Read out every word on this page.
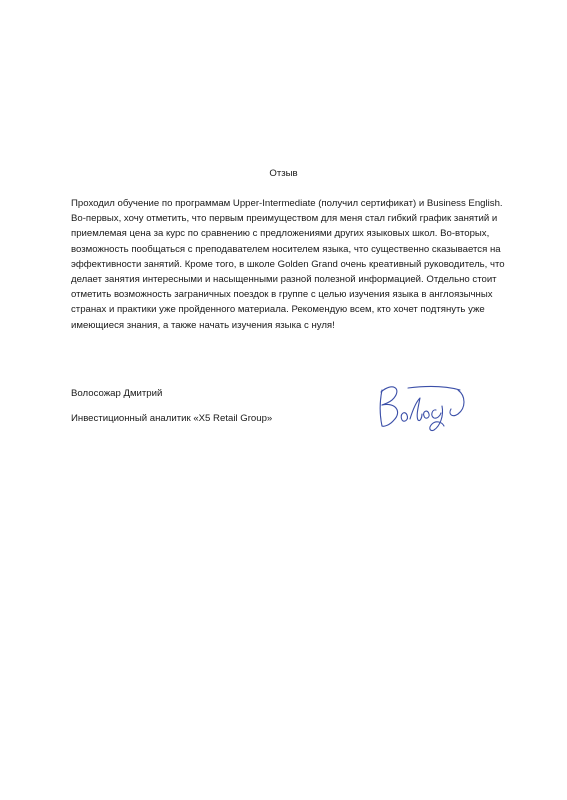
Отзыв
Проходил обучение по программам Upper-Intermediate (получил сертификат) и Business English.
Во-первых, хочу отметить, что первым преимуществом для меня стал гибкий график занятий и
приемлемая цена за курс по сравнению с предложениями других языковых школ. Во-вторых,
возможность пообщаться с преподавателем носителем языка, что существенно сказывается на
эффективности занятий. Кроме того, в школе Golden Grand очень креативный руководитель, что
делает занятия интересными и насыщенными разной полезной информацией. Отдельно стоит
отметить возможность заграничных поездок в группе с целью изучения языка в англоязычных
странах и практики уже пройденного материала. Рекомендую всем, кто хочет подтянуть уже
имеющиеся знания, а также начать изучения языка с нуля!
Волосожар Дмитрий
Инвестиционный аналитик «X5 Retail Group»
